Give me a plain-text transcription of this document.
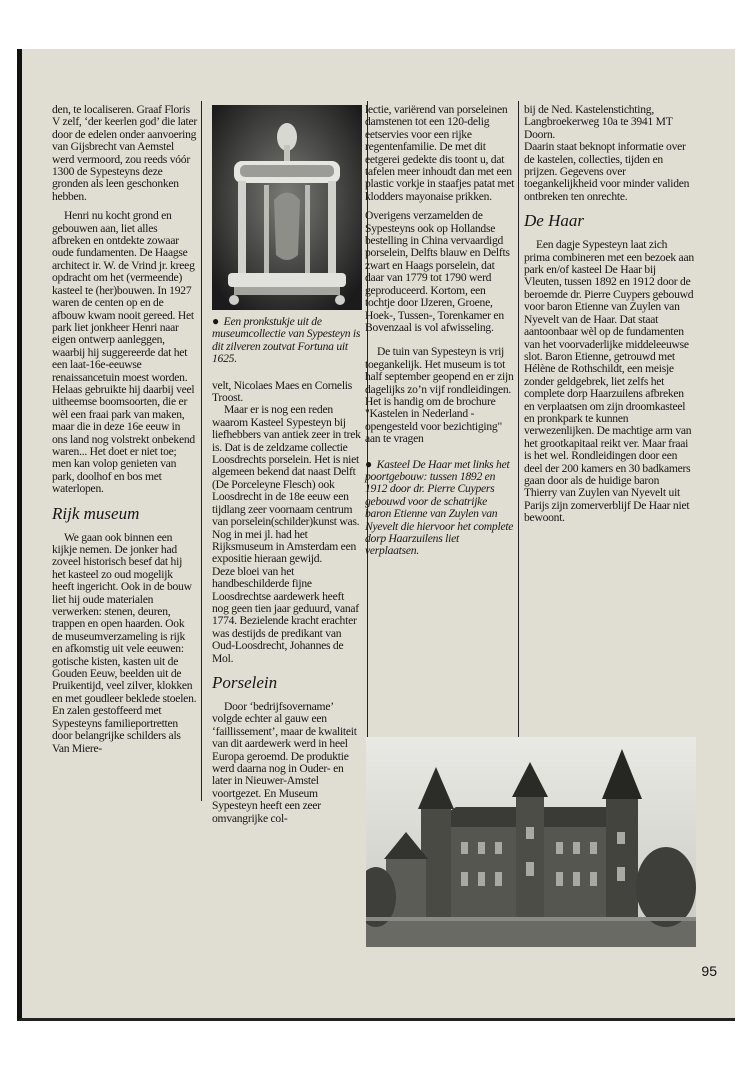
den, te localiseren. Graaf Floris V zelf, ‘der keerlen god’ die later door de edelen onder aanvoering van Gijsbrecht van Aemstel werd vermoord, zou reeds vóór 1300 de Sypesteyns deze gronden als leen geschonken hebben.

Henri nu kocht grond en gebouwen aan, liet alles afbreken en ontdekte zowaar oude fundamenten. De Haagse architect ir. W. de Vrind jr. kreeg opdracht om het (vermeende) kasteel te (her)bouwen. In 1927 waren de centen op en de afbouw kwam nooit gereed. Het park liet jonkheer Henri naar eigen ontwerp aanleggen, waarbij hij suggereerde dat het een laat-16e-eeuwse renaissancetuin moest worden. Helaas gebruikte hij daarbij veel uitheemse boomsoorten, die er wèl een fraai park van maken, maar die in deze 16e eeuw in ons land nog volstrekt onbekend waren... Het doet er niet toe; men kan volop genieten van park, doolhof en bos met waterlopen.

Rijk museum

We gaan ook binnen een kijkje nemen. De jonker had zoveel historisch besef dat hij het kasteel zo oud mogelijk heeft ingericht. Ook in de bouw liet hij oude materialen verwerken: stenen, deuren, trappen en open haarden. Ook de museumverzameling is rijk en afkomstig uit vele eeuwen: gotische kisten, kasten uit de Gouden Eeuw, beelden uit de Pruikentijd, veel zilver, klokken en met goudleer beklede stoelen. En zalen gestoffeerd met Sypesteyns familieportretten door belangrijke schilders als Van Miere-

● Een pronkstukje uit de museumcollectie van Sypesteyn is dit zilveren zoutvat Fortuna uit 1625.

velt, Nicolaes Maes en Cornelis Troost.

Maar er is nog een reden waarom Kasteel Sypesteyn bij liefhebbers van antiek zeer in trek is. Dat is de zeldzame collectie Loosdrechts porselein. Het is niet algemeen bekend dat naast Delft (De Porceleyne Flesch) ook Loosdrecht in de 18e eeuw een tijdlang zeer voornaam centrum van porselein(schilder)kunst was. Nog in mei jl. had het Rijksmuseum in Amsterdam een expositie hieraan gewijd.

Deze bloei van het handbeschilderde fijne Loosdrechtse aardewerk heeft nog geen tien jaar geduurd, vanaf 1774. Bezielende kracht erachter was destijds de predikant van Oud-Loosdrecht, Johannes de Mol.

Porselein

Door ‘bedrijfsovername’ volgde echter al gauw een ‘faillissement’, maar de kwaliteit van dit aardewerk werd in heel Europa geroemd. De produktie werd daarna nog in Ouder- en later in Nieuwer-Amstel voortgezet. En Museum Sypesteyn heeft een zeer omvangrijke col-

lectie, variërend van porseleinen damstenen tot een 120-delig eetservies voor een rijke regentenfamilie. De met dit eetgerei gedekte dis toont u, dat tafelen meer inhoudt dan met een plastic vorkje in staafjes patat met klodders mayonaise prikken.

Overigens verzamelden de Sypesteyns ook op Hollandse bestelling in China vervaardigd porselein, Delfts blauw en Delfts zwart en Haags porselein, dat daar van 1779 tot 1790 werd geproduceerd. Kortom, een tochtje door IJzeren, Groene, Hoek-, Tussen-, Torenkamer en Bovenzaal is vol afwisseling.

De tuin van Sypesteyn is vrij toegankelijk. Het museum is tot half september geopend en er zijn dagelijks zo’n vijf rondleidingen. Het is handig om de brochure "Kastelen in Nederland - opengesteld voor bezichtiging" aan te vragen

● Kasteel De Haar met links het poortgebouw: tussen 1892 en 1912 door dr. Pierre Cuypers gebouwd voor de schatrijke baron Etienne van Zuylen van Nyevelt die hiervoor het complete dorp Haarzuilens liet verplaatsen.

bij de Ned. Kastelenstichting, Langbroekerweg 10a te 3941 MT Doorn.

Daarin staat beknopt informatie over de kastelen, collecties, tijden en prijzen. Gegevens over toegankelijkheid voor minder validen ontbreken ten onrechte.

De Haar

Een dagje Sypesteyn laat zich prima combineren met een bezoek aan park en/of kasteel De Haar bij Vleuten, tussen 1892 en 1912 door de beroemde dr. Pierre Cuypers gebouwd voor baron Etienne van Zuylen van Nyevelt van de Haar. Dat staat aantoonbaar wèl op de fundamenten van het voorvaderlijke middeleeuwse slot. Baron Etienne, getrouwd met Hélène de Rothschildt, een meisje zonder geldgebrek, liet zelfs het complete dorp Haarzuilens afbreken en verplaatsen om zijn droomkasteel en pronkpark te kunnen verwezenlijken. De machtige arm van het grootkapitaal reikt ver. Maar fraai is het wel. Rondleidingen door een deel der 200 kamers en 30 badkamers gaan door als de huidige baron Thierry van Zuylen van Nyevelt uit Parijs zijn zomerverblijf De Haar niet bewoont.

95
